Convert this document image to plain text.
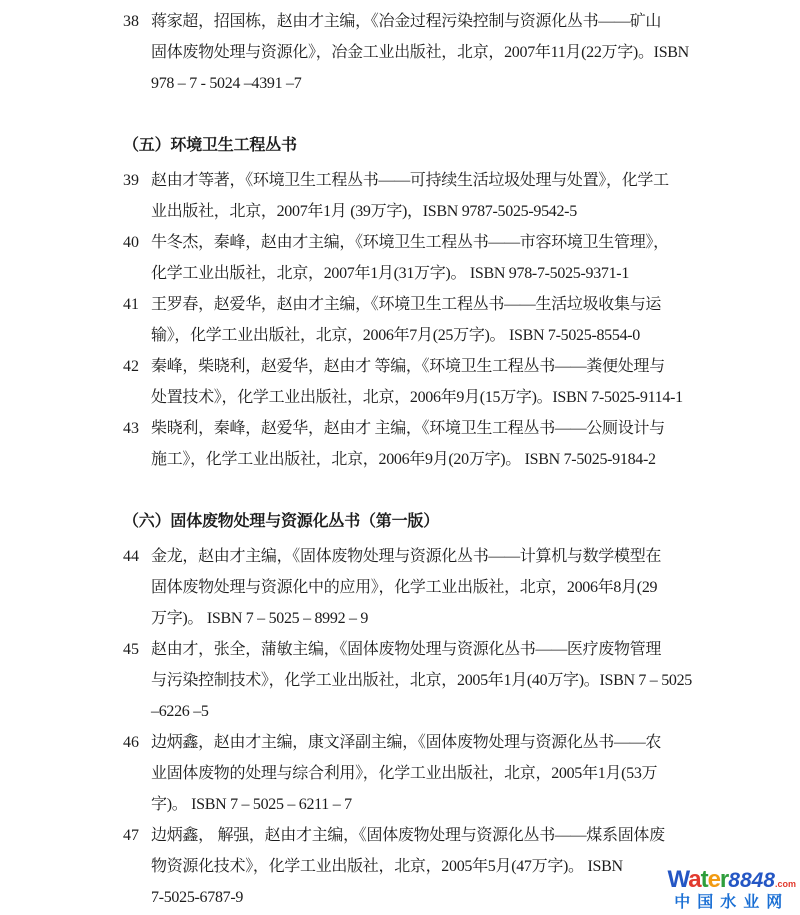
38 蒋家超，招国栋，赵由才主编，《冶金过程污染控制与资源化丛书——矿山
固体废物处理与资源化》，冶金工业出版社，北京，2007年11月(22万字)。ISBN
978 – 7 - 5024 –4391 –7
（五）环境卫生工程丛书
39 赵由才等著，《环境卫生工程丛书——可持续生活垃圾处理与处置》，化学工
业出版社，北京，2007年1月 (39万字)，ISBN 9787-5025-9542-5
40 牛冬杰，秦峰，赵由才主编，《环境卫生工程丛书——市容环境卫生管理》，
化学工业出版社，北京，2007年1月(31万字)。 ISBN 978-7-5025-9371-1
41 王罗春，赵爱华，赵由才主编，《环境卫生工程丛书——生活垃圾收集与运
输》，化学工业出版社，北京，2006年7月(25万字)。 ISBN 7-5025-8554-0
42 秦峰，柴晓利，赵爱华，赵由才 等编，《环境卫生工程丛书——粪便处理与
处置技术》，化学工业出版社，北京，2006年9月(15万字)。ISBN 7-5025-9114-1
43 柴晓利，秦峰，赵爱华，赵由才 主编，《环境卫生工程丛书——公厕设计与
施工》，化学工业出版社，北京，2006年9月(20万字)。 ISBN 7-5025-9184-2
（六）固体废物处理与资源化丛书（第一版）
44 金龙，赵由才主编，《固体废物处理与资源化丛书——计算机与数学模型在
固体废物处理与资源化中的应用》，化学工业出版社，北京，2006年8月(29
万字)。 ISBN 7 – 5025 – 8992 – 9
45 赵由才，张全，蒲敏主编，《固体废物处理与资源化丛书——医疗废物管理
与污染控制技术》，化学工业出版社，北京，2005年1月(40万字)。ISBN 7 – 5025
–6226 –5
46 边炳鑫，赵由才主编，康文泽副主编，《固体废物处理与资源化丛书——农
业固体废物的处理与综合利用》，化学工业出版社，北京，2005年1月(53万
字)。 ISBN 7 – 5025 – 6211 – 7
47 边炳鑫， 解强，赵由才主编，《固体废物处理与资源化丛书——煤系固体废
物资源化技术》，化学工业出版社，北京，2005年5月(47万字)。 ISBN
7-5025-6787-9
Water8848.com
中国水业网
